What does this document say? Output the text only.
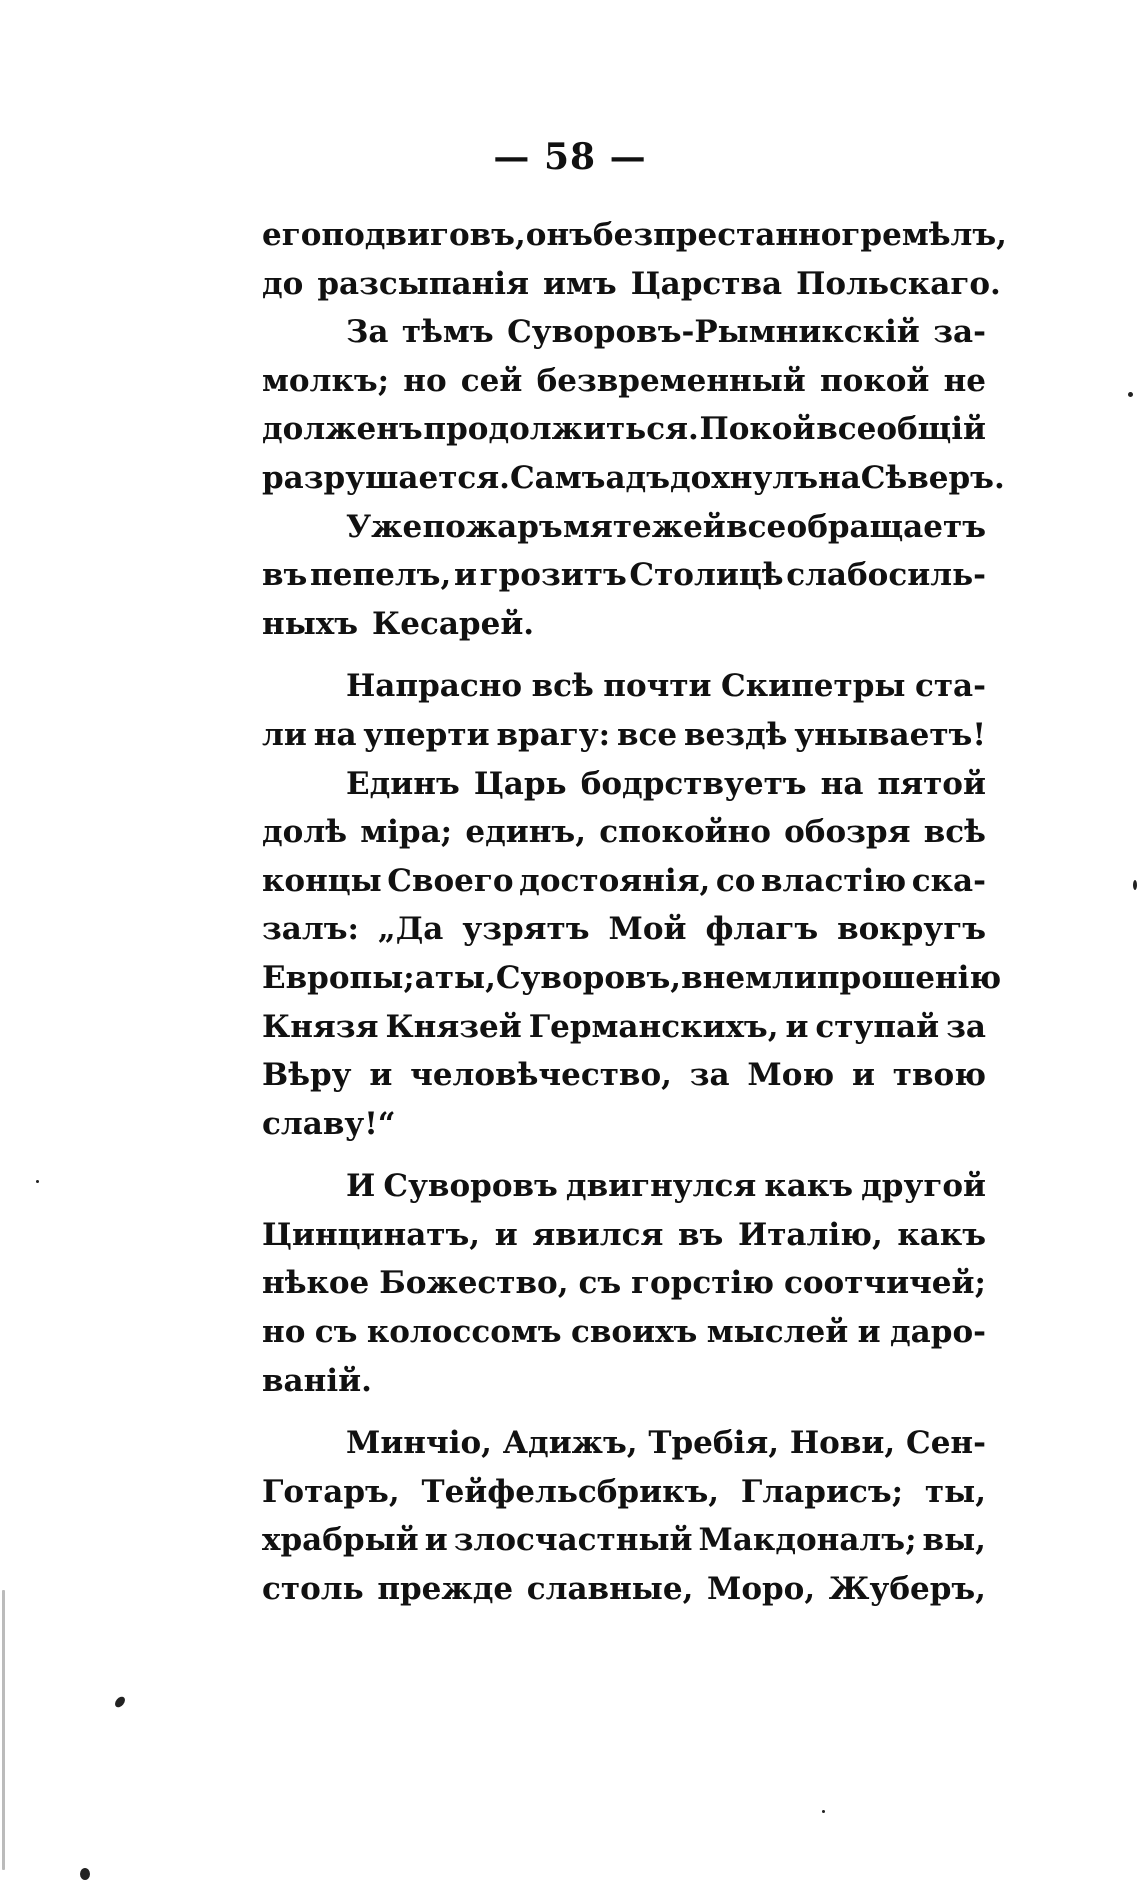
— 58 —
его подвиговъ, онъ безпрестанно гремѣлъ,
до разсыпанія имъ Царства Польскаго.
За тѣмъ Суворовъ-Рымникскій за-
молкъ; но сей безвременный покой не
долженъ продолжиться. Покой всеобщій
разрушается. Самъ адъ дохнулъ на Сѣверъ.
Уже пожаръ мятежей все обращаетъ
въ пепелъ, и грозитъ Столицѣ слабосиль-
ныхъ Кесарей.
Напрасно всѣ почти Скипетры ста-
ли на уперти врагу: все вездѣ унываетъ!
Единъ Царь бодрствуетъ на пятой
долѣ міра; единъ, спокойно обозря всѣ
концы Своего достоянія, со властію ска-
залъ: „Да узрятъ Мой флагъ вокругъ
Европы; а ты, Суворовъ, внемли прошенію
Князя Князей Германскихъ, и ступай за
Вѣру и человѣчество, за Мою и твою
славу!“
И Суворовъ двигнулся какъ другой
Цинцинатъ, и явился въ Италію, какъ
нѣкое Божество, съ горстію соотчичей;
но съ колоссомъ своихъ мыслей и даро-
ваній.
Минчіо, Адижъ, Требія, Нови, Сен-
Готаръ, Тейфельсбрикъ, Гларисъ; ты,
храбрый и злосчастный Макдоналъ; вы,
столь прежде славные, Моро, Жуберъ,
